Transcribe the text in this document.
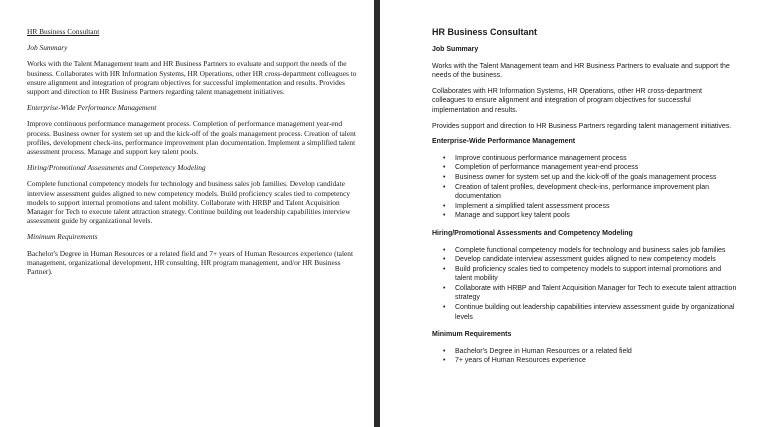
HR Business Consultant

Job Summary

Works with the Talent Management team and HR Business Partners to evaluate and support the needs of the business. Collaborates with HR Information Systems, HR Operations, other HR cross-department colleagues to ensure alignment and integration of program objectives for successful implementation and results. Provides support and direction to HR Business Partners regarding talent management initiatives.

Enterprise-Wide Performance Management

Improve continuous performance management process. Completion of performance management year-end process. Business owner for system set up and the kick-off of the goals management process. Creation of talent profiles, development check-ins, performance improvement plan documentation. Implement a simplified talent assessment process. Manage and support key talent pools.

Hiring/Promotional Assessments and Competency Modeling

Complete functional competency models for technology and business sales job families. Develop candidate interview assessment guides aligned to new competency models. Build proficiency scales tied to competency models to support internal promotions and talent mobility. Collaborate with HRBP and Talent Acquisition Manager for Tech to execute talent attraction strategy. Continue building out leadership capabilities interview assessment guide by organizational levels.

Minimum Requirements

Bachelor's Degree in Human Resources or a related field and 7+ years of Human Resources experience (talent management, organizational development, HR consulting, HR program management, and/or HR Business Partner).

HR Business Consultant

Job Summary

Works with the Talent Management team and HR Business Partners to evaluate and support the needs of the business.

Collaborates with HR Information Systems, HR Operations, other HR cross-department colleagues to ensure alignment and integration of program objectives for successful implementation and results.

Provides support and direction to HR Business Partners regarding talent management initiatives.

Enterprise-Wide Performance Management

• Improve continuous performance management process
• Completion of performance management year-end process
• Business owner for system set up and the kick-off of the goals management process
• Creation of talent profiles, development check-ins, performance improvement plan documentation
• Implement a simplified talent assessment process
• Manage and support key talent pools

Hiring/Promotional Assessments and Competency Modeling

• Complete functional competency models for technology and business sales job families
• Develop candidate interview assessment guides aligned to new competency models
• Build proficiency scales tied to competency models to support internal promotions and talent mobility
• Collaborate with HRBP and Talent Acquisition Manager for Tech to execute talent attraction strategy
• Continue building out leadership capabilities interview assessment guide by organizational levels

Minimum Requirements

• Bachelor's Degree in Human Resources or a related field
• 7+ years of Human Resources experience
